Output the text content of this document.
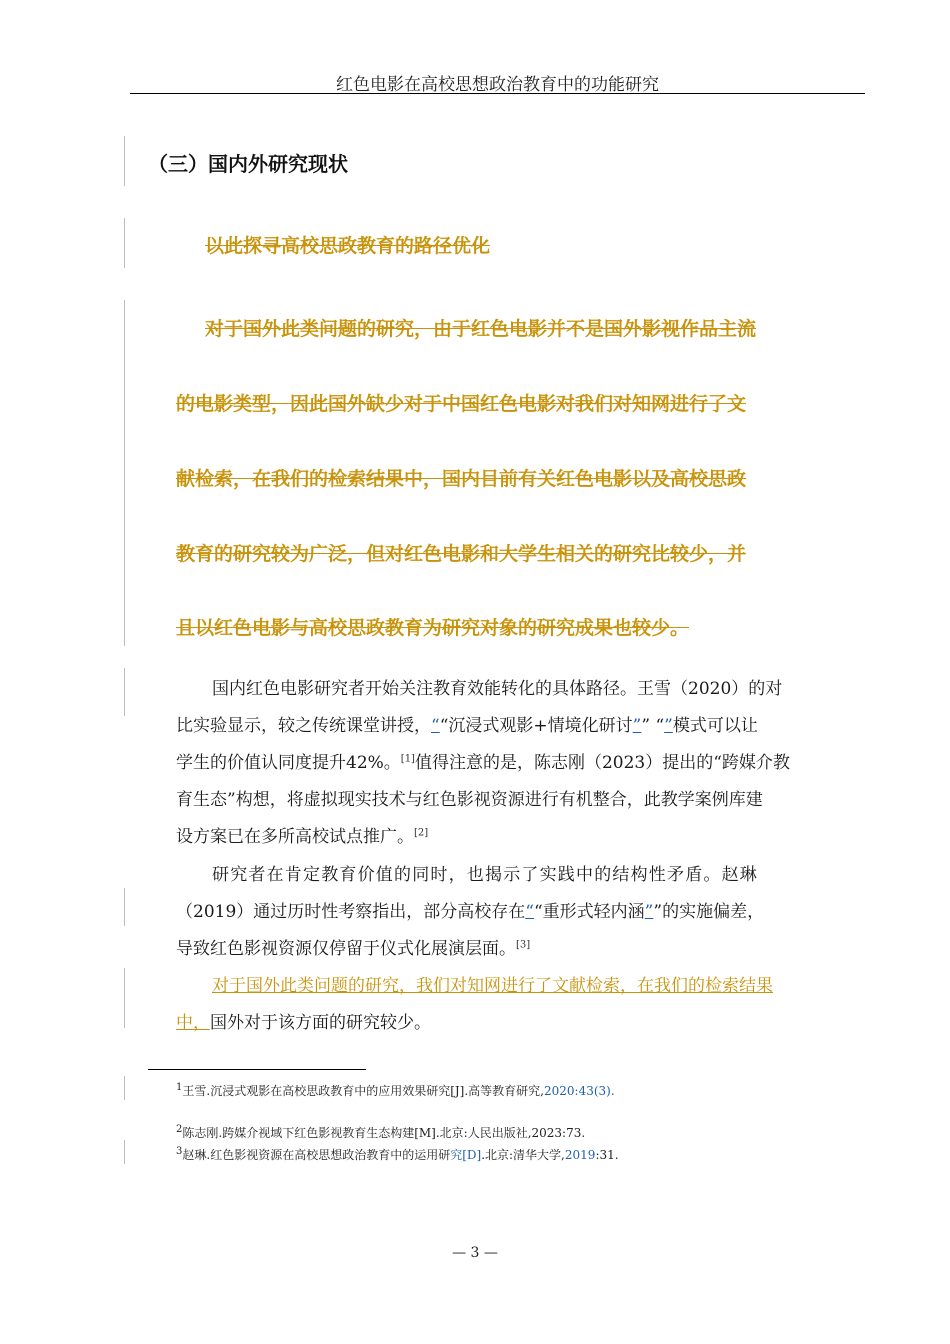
红色电影在高校思想政治教育中的功能研究
（三）国内外研究现状
以此探寻高校思政教育的路径优化
对于国外此类问题的研究，由于红色电影并不是国外影视作品主流
的电影类型，因此国外缺少对于中国红色电影对我们对知网进行了文
献检索，在我们的检索结果中，国内目前有关红色电影以及高校思政
教育的研究较为广泛，但对红色电影和大学生相关的研究比较少，并
且以红色电影与高校思政教育为研究对象的研究成果也较少。
国内红色电影研究者开始关注教育效能转化的具体路径。王雪（2020）的对
比实验显示，较之传统课堂讲授，““沉浸式观影+情境化研讨”” “”模式可以让
学生的价值认同度提升42%。[1]值得注意的是，陈志刚（2023）提出的“跨媒介教
育生态”构想，将虚拟现实技术与红色影视资源进行有机整合，此教学案例库建
设方案已在多所高校试点推广。[2]
研究者在肯定教育价值的同时，也揭示了实践中的结构性矛盾。赵琳
（2019）通过历时性考察指出，部分高校存在““重形式轻内涵””的实施偏差，
导致红色影视资源仅停留于仪式化展演层面。[3]
对于国外此类问题的研究，我们对知网进行了文献检索，在我们的检索结果
中，国外对于该方面的研究较少。
$^1$王雪.沉浸式观影在高校思政教育中的应用效果研究[J].高等教育研究,2020:43(3).
$^2$陈志刚.跨媒介视域下红色影视教育生态构建[M].北京:人民出版社,2023:73.
$^3$赵琳.红色影视资源在高校思想政治教育中的运用研究[D].北京:清华大学,2019:31.
— 3 —
